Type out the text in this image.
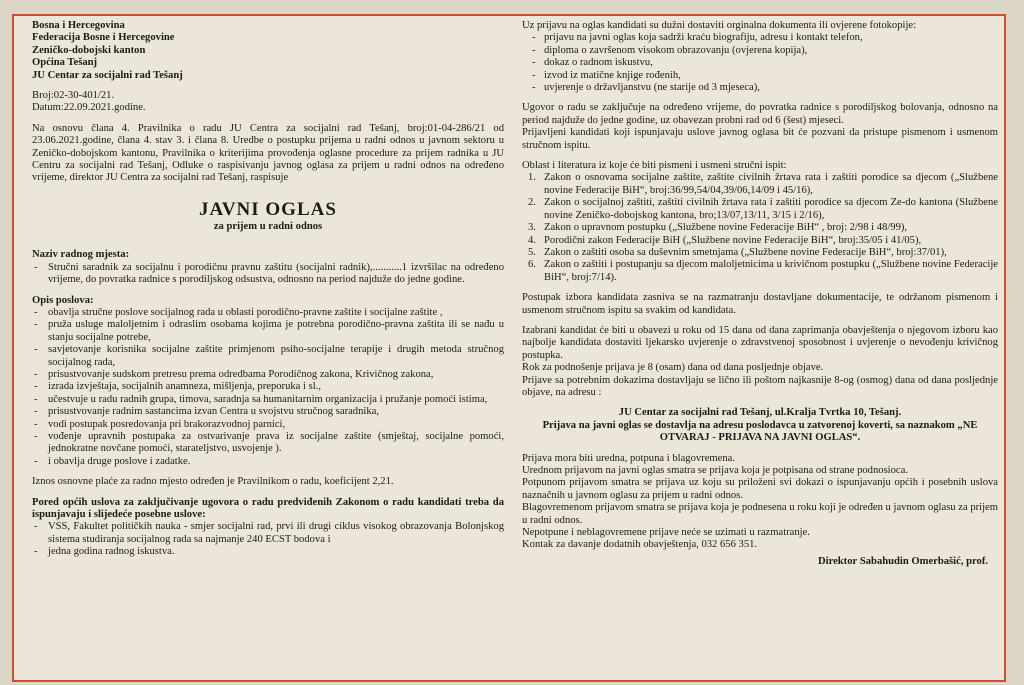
Bosna i Hercegovina
Federacija Bosne i Hercegovine
Zeničko-dobojski kanton
Općina Tešanj
JU Centar za socijalni rad Tešanj
Broj:02-30-401/21.
Datum:22.09.2021.godine.

Na osnovu člana 4. Pravilnika o radu JU Centra za socijalni rad Tešanj, broj:01-04-286/21 od 23.06.2021.godine, člana 4. stav 3. i člana 8. Uredbe o postupku prijema u radni odnos u javnom sektoru u Zeničko-dobojskom kantonu, Pravilnika o kriterijima provođenja oglasne procedure za prijem radnika u JU Centru za socijalni rad Tešanj, Odluke o raspisivanju javnog oglasa za prijem u radni odnos na određeno vrijeme, direktor JU Centra za socijalni rad Tešanj, raspisuje

JAVNI OGLAS
za prijem u radni odnos
Naziv radnog mjesta:
- Stručni saradnik za socijalnu i porodičnu pravnu zaštitu (socijalni radnik),...........1 izvršilac na određeno vrijeme, do povratka radnice s porodiljskog odsustva, odnosno na period najduže do jedne godine.
Opis poslova:
- obavlja stručne poslove socijalnog rada u oblasti porodično-pravne zaštite i socijalne zaštite ,
- pruža usluge maloljetnim i odraslim osobama kojima je potrebna porodično-pravna zaštita ili se nađu u stanju socijalne potrebe,
- savjetovanje korisnika socijalne zaštite primjenom psiho-socijalne terapije i drugih metoda stručnog socijalnog rada,
- prisustvovanje sudskom pretresu prema odredbama Porodičnog zakona, Krivičnog zakona,
- izrada izvještaja, socijalnih anamneza, mišljenja, preporuka i sl.,
- učestvuje u radu radnih grupa, timova, saradnja sa humanitarnim organizacija i pružanje pomoći istima,
- prisustvovanje radnim sastancima izvan Centra u svojstvu stručnog saradnika,
- vodi postupak posredovanja pri brakorazvodnoj parnici,
- vođenje upravnih postupaka za ostvarivanje prava iz socijalne zaštite (smještaj, socijalne pomoći, jednokratne novčane pomoći, starateljstvo, usvojenje ).
- i obavlja druge poslove i zadatke.

Iznos osnovne plaće za radno mjesto određen je Pravilnikom o radu, koeficijent 2,21.

Pored općih uslova za zaključivanje ugovora o radu predviđenih Zakonom o radu kandidati treba da ispunjavaju i slijedeće posebne uslove:

- VSS, Fakultet političkih nauka - smjer socijalni rad, prvi ili drugi ciklus visokog obrazovanja Bolonjskog sistema studiranja socijalnog rada sa najmanje 240 ECST bodova i
- jedna godina radnog iskustva.

Uz prijavu na oglas kandidati su dužni dostaviti orginalna dokumenta ili ovjerene fotokopije:

- prijavu na javni oglas koja sadrži kraću biografiju, adresu i kontakt telefon,
- diploma o završenom visokom obrazovanju (ovjerena kopija),
- dokaz o radnom iskustvu,
- izvod iz matične knjige rođenih,
- uvjerenje o državljanstvu (ne starije od 3 mjeseca),

Ugovor o radu se zaključuje na određeno vrijeme, do povratka radnice s porodiljskog bolovanja, odnosno na period najduže do jedne godine, uz obavezan probni rad od 6 (šest) mjeseci.

Prijavljeni kandidati koji ispunjavaju uslove javnog oglasa bit će pozvani da pristupe pismenom i usmenom stručnom ispitu.

Oblast i literatura iz koje će biti pismeni i usmeni stručni ispit:

1. Zakon o osnovama socijalne zaštite, zaštite civilnih žrtava rata i zaštiti porodice sa djecom („Službene novine Federacije BiH“, broj:36/99,54/04,39/06,14/09 i 45/16),
2. Zakon o socijalnoj zaštiti, zaštiti civilnih žrtava rata i zaštiti porodice sa djecom Ze-do kantona (Službene novine Zeničko-dobojskog kantona, bro;13/07,13/11, 3/15 i 2/16),
3. Zakon o upravnom postupku („Službene novine Federacije BiH“ , broj: 2/98 i 48/99),
4. Porodični zakon Federacije BiH („Službene novine Federacije BiH“, broj:35/05 i 41/05),
5. Zakon o zaštiti osoba sa duševnim smetnjama („Službene novine Federacije BiH“, broj:37/01),
6. Zakon o zaštiti i postupanju sa djecom maloljetnicima u krivičnom postupku („Službene novine Federacije BiH“, broj:7/14).

Postupak izbora kandidata zasniva se na razmatranju dostavljane dokumentacije, te održanom pismenom i usmenom stručnom ispitu sa svakim od kandidata.

Izabrani kandidat će biti u obavezi u roku od 15 dana od dana zaprimanja obavještenja o njegovom izboru kao najbolje kandidata dostaviti ljekarsko uvjerenje o zdravstvenoj sposobnost i uvjerenje o nevođenju krivičnog postupka.

Rok za podnošenje prijava je 8 (osam) dana od dana posljednje objave.

Prijave sa potrebnim dokazima dostavljaju se lično ili poštom najkasnije 8-og (osmog) dana od dana posljednje objave, na adresu :

JU Centar za socijalni rad Tešanj, ul.Kralja Tvrtka 10, Tešanj.

Prijava na javni oglas se dostavlja na adresu poslodavca u zatvorenoj koverti, sa naznakom „NE OTVARAJ - PRIJAVA NA JAVNI OGLAS“.

Prijava mora biti uredna, potpuna i blagovremena.

Urednom prijavom na javni oglas smatra se prijava koja je potpisana od strane podnosioca.

Potpunom prijavom smatra se prijava uz koju su priloženi svi dokazi o ispunjavanju općih i posebnih uslova naznačnih u javnom oglasu za prijem u radni odnos.

Blagovremenom prijavom smatra se prijava koja je podnesena u roku koji je određen u javnom oglasu za prijem u radni odnos.

Nepotpune i neblagovremene prijave neće se uzimati u razmatranje.

Kontak za davanje dodatnih obavještenja, 032 656 351.

Direktor Sabahudin Omerbašić, prof.
